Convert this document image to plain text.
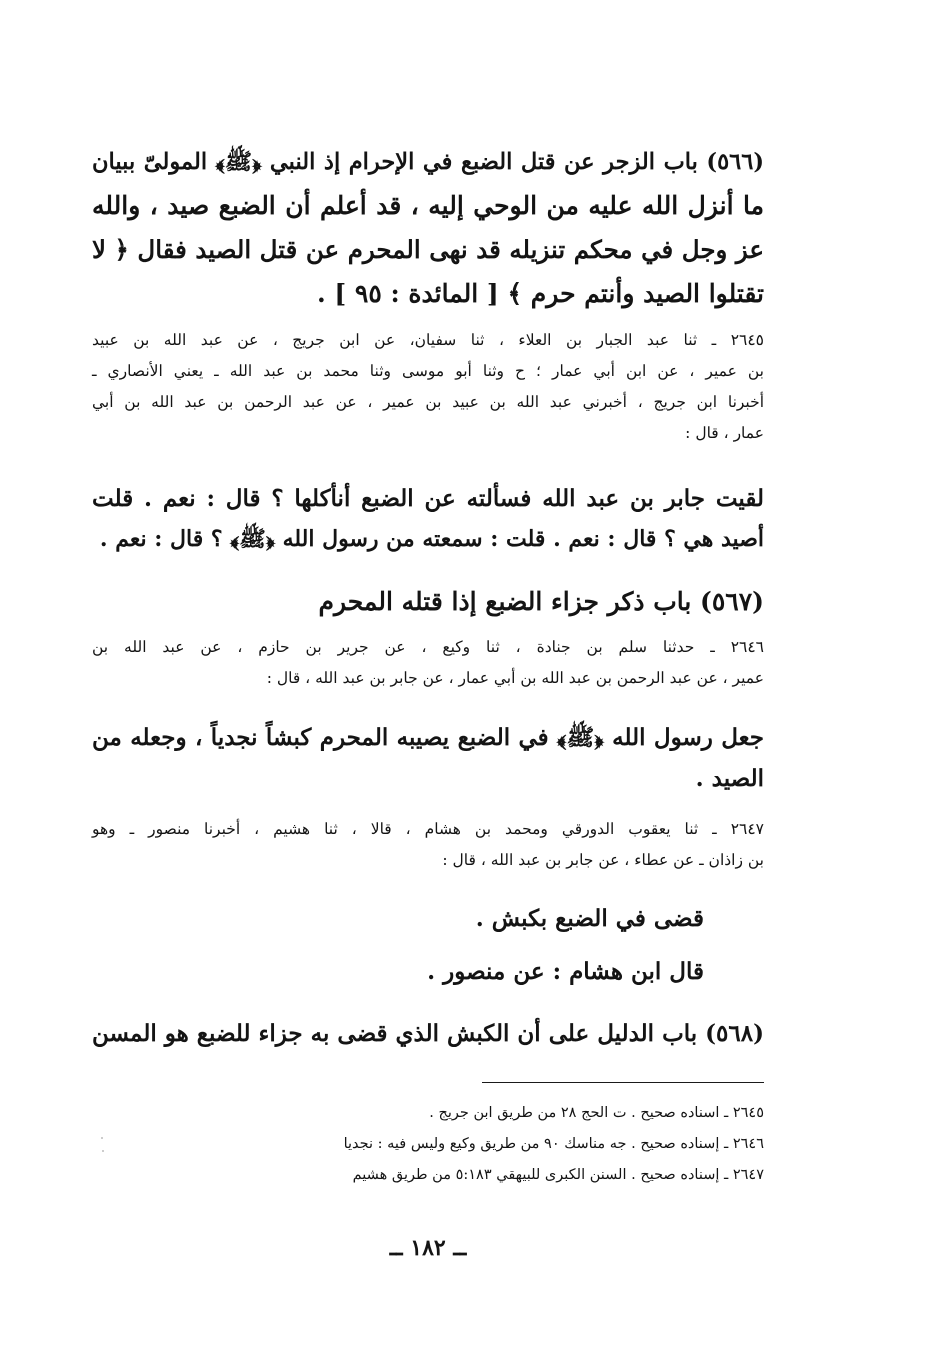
(٥٦٦) باب الزجر عن قتل الضبع في الإحرام إذ النبي ﴿ﷺ﴾ المولىّ ببيان
ما أنزل الله عليه من الوحي إليه ، قد أعلم أن الضبع صيد ، والله
عز وجل في محكم تنزيله قد نهى المحرم عن قتل الصيد فقال ﴿ لا
تقتلوا الصيد وأنتم حرم ﴾ [ المائدة : ٩٥ ] .
٢٦٤٥ ـ ثنا عبد الجبار بن العلاء ، ثنا سفيان، عن ابن جريج ، عن عبد الله بن عبيد
بن عمير ، عن ابن أبي عمار ؛ ح وثنا أبو موسى وثنا محمد بن عبد الله ـ يعني الأنصاري ـ
أخبرنا ابن جريج ، أخبرني عبد الله بن عبيد بن عمير ، عن عبد الرحمن بن عبد الله بن أبي
عمار ، قال :
لقيت جابر بن عبد الله فسألته عن الضبع أنأكلها ؟ قال : نعم . قلت
أصيد هي ؟ قال : نعم . قلت : سمعته من رسول الله ﴿ﷺ﴾ ؟ قال : نعم .
(٥٦٧) باب ذكر جزاء الضبع إذا قتله المحرم
٢٦٤٦ ـ حدثنا سلم بن جنادة ، ثنا وكيع ، عن جرير بن حازم ، عن عبد الله بن
عمير ، عن عبد الرحمن بن عبد الله بن أبي عمار ، عن جابر بن عبد الله ، قال :
جعل رسول الله ﴿ﷺ﴾ في الضبع يصيبه المحرم كبشاً نجدياً ، وجعله من
الصيد .
٢٦٤٧ ـ ثنا يعقوب الدورقي ومحمد بن هشام ، قالا ، ثنا هشيم ، أخبرنا منصور ـ وهو
بن زاذان ـ عن عطاء ، عن جابر بن عبد الله ، قال :
قضى في الضبع بكبش .
قال ابن هشام : عن منصور .
(٥٦٨) باب الدليل على أن الكبش الذي قضى به جزاء للضبع هو المسن
٢٦٤٥ ـ اسناده صحيح . ت الحج ٢٨ من طريق ابن جريج .
٢٦٤٦ ـ إسناده صحيح . جه مناسك ٩٠ من طريق وكيع وليس فيه : نجديا
٢٦٤٧ ـ إسناده صحيح . السنن الكبرى للبيهقي ٥:١٨٣ من طريق هشيم
ــ ١٨٢ ــ
